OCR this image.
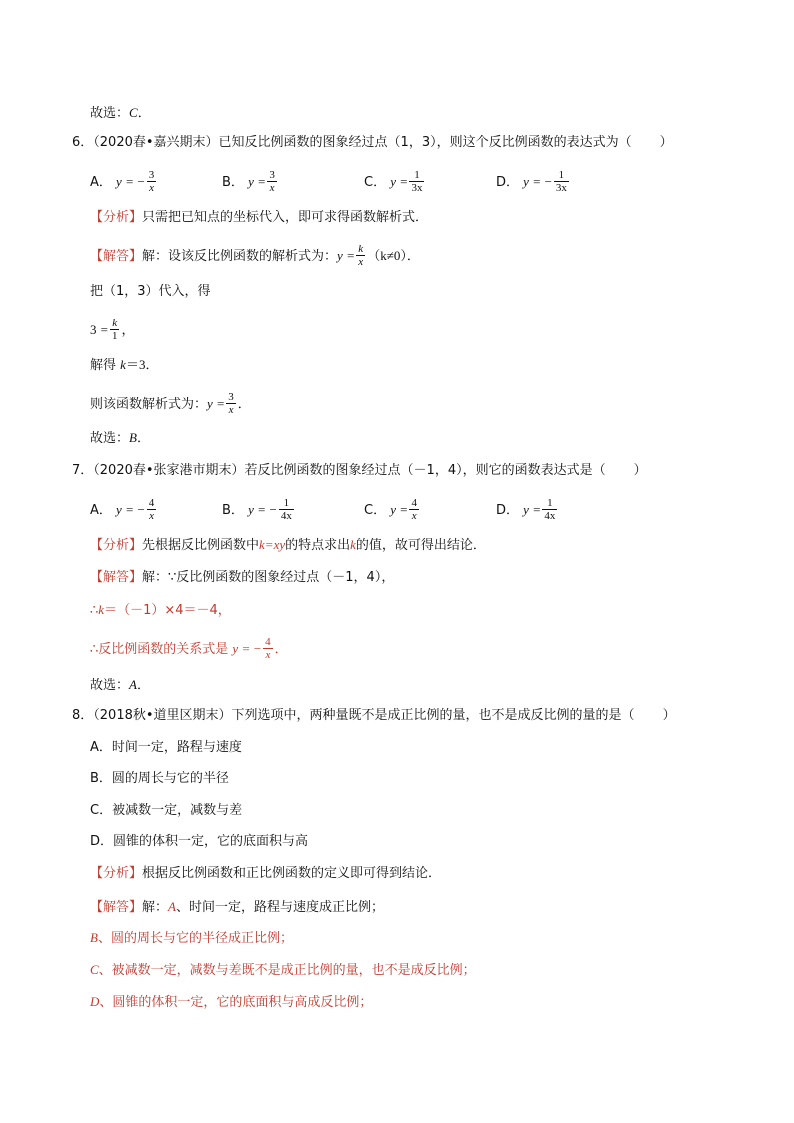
故选：C．
6．（2020春•嘉兴期末）已知反比例函数的图象经过点（1，3），则这个反比例函数的表达式为（ ）
A． y = − $\frac{3}{x}$	B． $y = \frac{3}{x}$	C． $y = \frac{1}{3x}$	D． y = − $\frac{1}{3x}$
【分析】只需把已知点的坐标代入，即可求得函数解析式．
【解答】解：设该反比例函数的解析式为：$y = \frac{k}{x} (k\ne 0)$．
把（1，3）代入，得
$3 = \frac{k}{1}$ ，
解得 k＝3．
则该函数解析式为：$y = \frac{3}{x}$ ．
故选：B．
7．（2020春•张家港市期末）若反比例函数的图象经过点（－1，4），则它的函数表达式是（ ）
A． y = − $\frac{4}{x}$	B． y = − $\frac{1}{4x}$	C． $y = \frac{4}{x}$	D． $y = \frac{1}{4x}$
【分析】先根据反比例函数中k=xy的特点求出k的值，故可得出结论．
【解答】解：∵反比例函数的图象经过点（－1，4），
∴k＝（－1）×4＝－4，
∴反比例函数的关系式是 y = − $\frac{4}{x}$ ．
故选：A．
8．（2018秋•道里区期末）下列选项中，两种量既不是成正比例的量，也不是成反比例的量的是（ ）
A．时间一定，路程与速度
B．圆的周长与它的半径
C．被减数一定，减数与差
D．圆锥的体积一定，它的底面积与高
【分析】根据反比例函数和正比例函数的定义即可得到结论．
【解答】解：A、时间一定，路程与速度成正比例；
B、圆的周长与它的半径成正比例；
C、被减数一定，减数与差既不是成正比例的量，也不是成反比例；
D、圆锥的体积一定，它的底面积与高成反比例；
